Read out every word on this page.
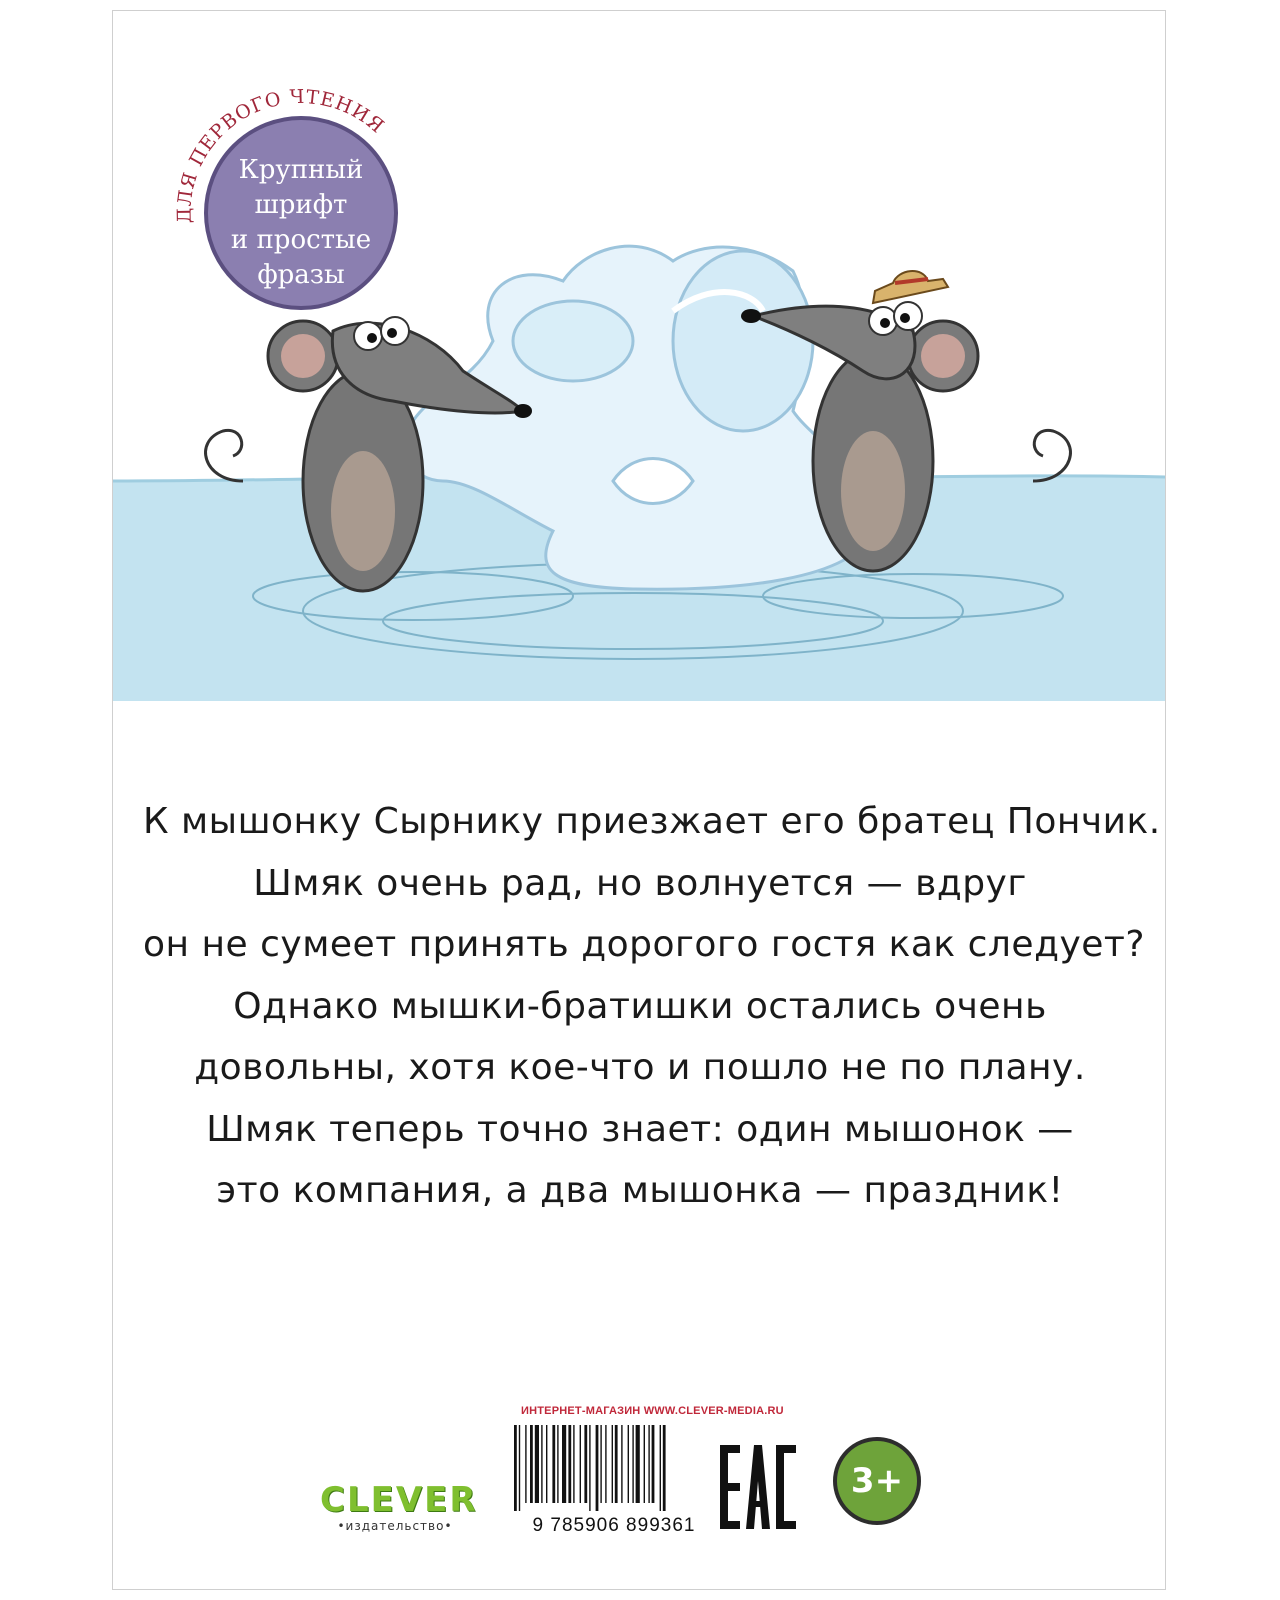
ДЛЯ ПЕРВОГО ЧТЕНИЯ
Крупный
шрифт
и простые
фразы
К мышонку Сырнику приезжает его братец Пончик.
Шмяк очень рад, но волнуется — вдруг
он не сумеет принять дорогого гостя как следует?
Однако мышки-братишки остались очень
довольны, хотя кое-что и пошло не по плану.
Шмяк теперь точно знает: один мышонок —
это компания, а два мышонка — праздник!
CLEVER
•издательство•
ИНТЕРНЕТ-МАГАЗИН WWW.CLEVER-MEDIA.RU
9 785906 899361
3+
